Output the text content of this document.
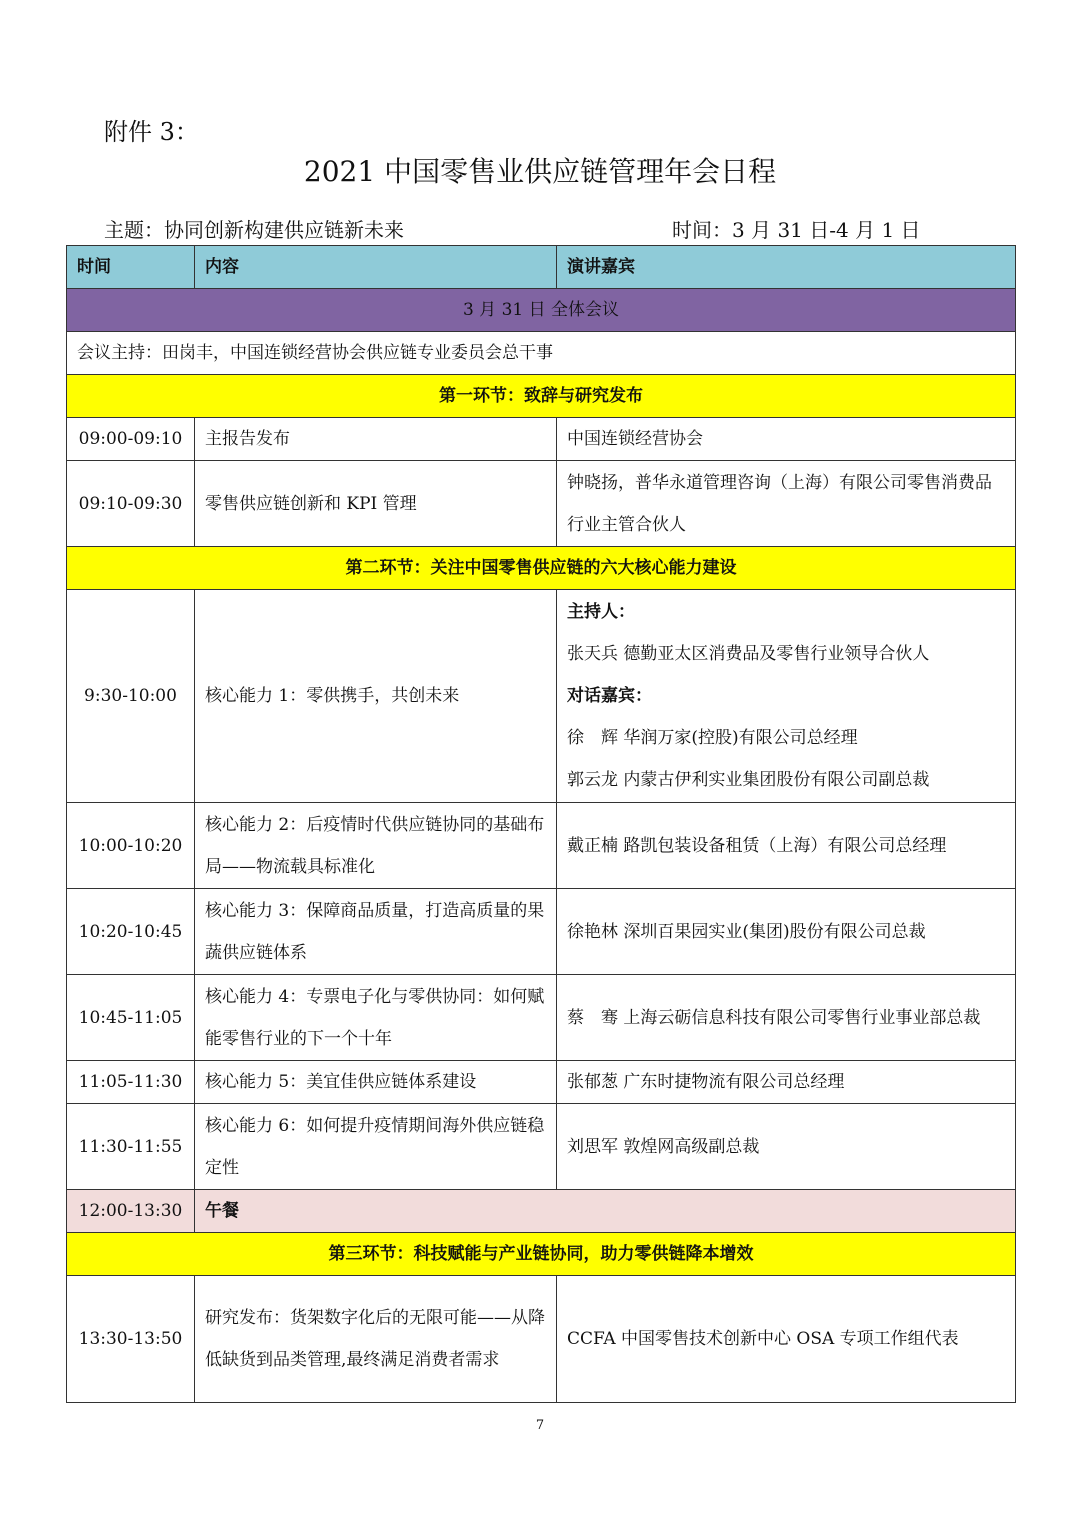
附件 3：
2021 中国零售业供应链管理年会日程
主题：协同创新构建供应链新未来	时间：3 月 31 日-4 月 1 日
时间	内容	演讲嘉宾
3 月 31 日 全体会议		
会议主持：田岗丰，中国连锁经营协会供应链专业委员会总干事		
第一环节：致辞与研究发布		
09:00-09:10	主报告发布	中国连锁经营协会
09:10-09:30	零售供应链创新和 KPI 管理	钟晓扬，普华永道管理咨询（上海）有限公司零售消费品行业主管合伙人
第二环节：关注中国零售供应链的六大核心能力建设		
9:30-10:00	核心能力 1：零供携手，共创未来	主持人：
张天兵 德勤亚太区消费品及零售行业领导合伙人
对话嘉宾：
徐　辉 华润万家(控股)有限公司总经理
郭云龙 内蒙古伊利实业集团股份有限公司副总裁

10:00-10:20	核心能力 2：后疫情时代供应链协同的基础布局——物流载具标准化	戴正楠 路凯包装设备租赁（上海）有限公司总经理
10:20-10:45	核心能力 3：保障商品质量，打造高质量的果蔬供应链体系	徐艳林 深圳百果园实业(集团)股份有限公司总裁
10:45-11:05	核心能力 4：专票电子化与零供协同：如何赋能零售行业的下一个十年	蔡　骞 上海云砺信息科技有限公司零售行业事业部总裁
11:05-11:30	核心能力 5：美宜佳供应链体系建设	张郁葱 广东时捷物流有限公司总经理
11:30-11:55	核心能力 6：如何提升疫情期间海外供应链稳定性	刘思军 敦煌网高级副总裁
12:00-13:30	午餐	
第三环节：科技赋能与产业链协同，助力零供链降本增效		
13:30-13:50	研究发布：货架数字化后的无限可能——从降低缺货到品类管理,最终满足消费者需求	CCFA 中国零售技术创新中心 OSA 专项工作组代表
7
